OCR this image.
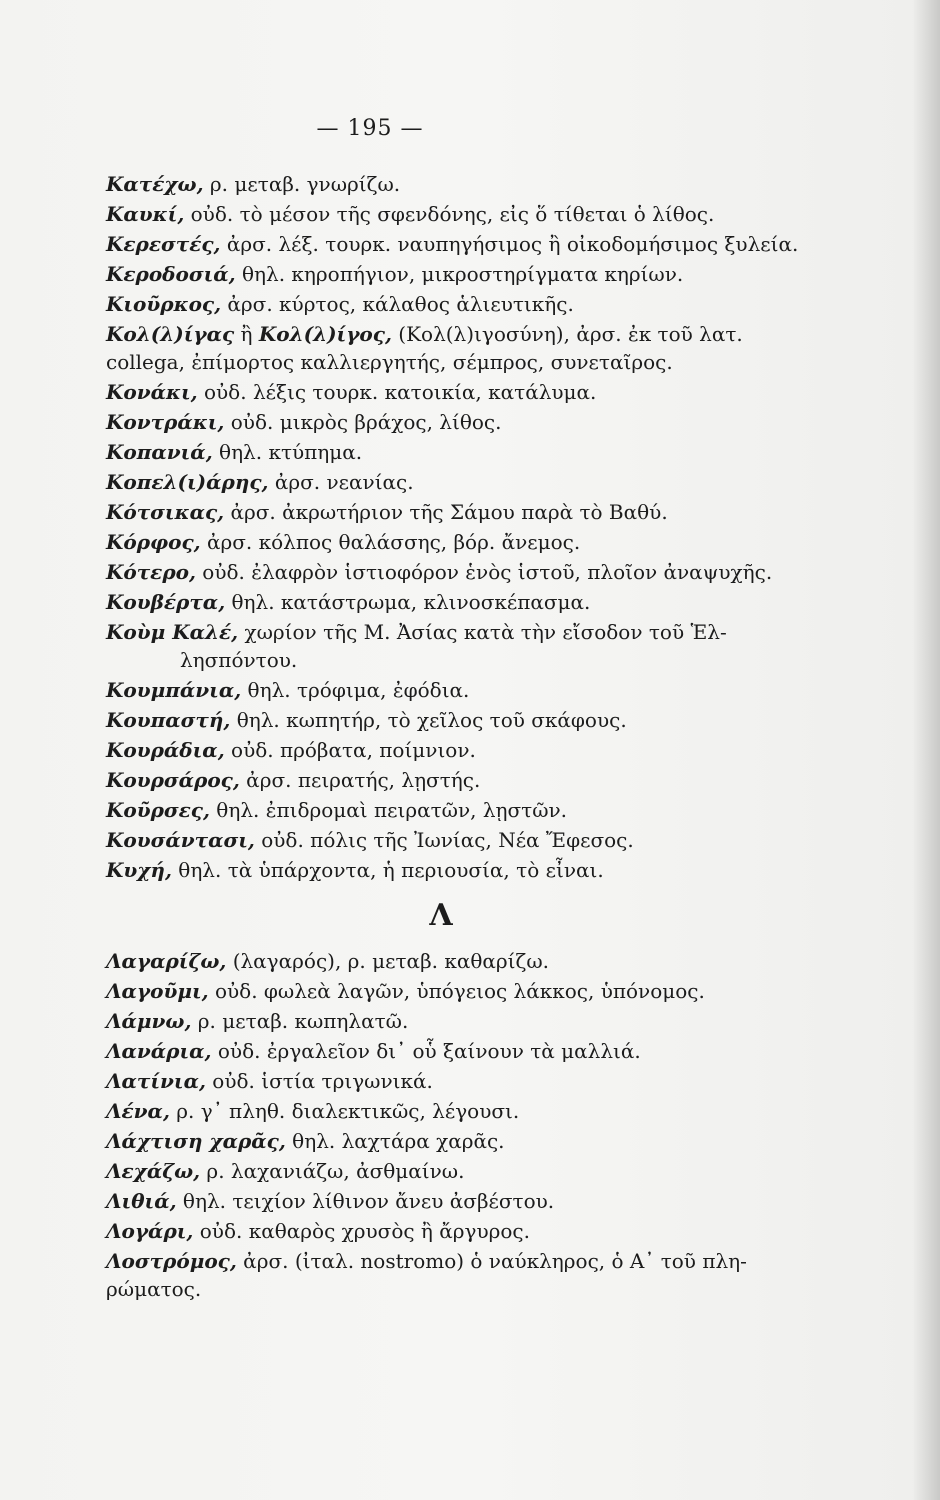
— 195 —
Κατέχω, ρ. μεταβ. γνωρίζω.
Καυκί, οὐδ. τὸ μέσον τῆς σφενδόνης, εἰς ὅ τίθεται ὁ λίθος.
Κερεστές, ἀρσ. λέξ. τουρκ. ναυπηγήσιμος ἢ οἰκοδομήσιμος ξυλεία.
Κεροδοσιά, θηλ. κηροπήγιον, μικροστηρίγματα κηρίων.
Κιοῦρκος, ἀρσ. κύρτος, κάλαθος ἁλιευτικῆς.
Κολ(λ)ίγας ἢ Κολ(λ)ίγος, (Κολ(λ)ιγοσύνη), ἀρσ. ἐκ τοῦ λατ.
collega, ἐπίμορτος καλλιεργητής, σέμπρος, συνεταῖρος.
Κονάκι, οὐδ. λέξις τουρκ. κατοικία, κατάλυμα.
Κοντράκι, οὐδ. μικρὸς βράχος, λίθος.
Κοπανιά, θηλ. κτύπημα.
Κοπελ(ι)άρης, ἀρσ. νεανίας.
Κότσικας, ἀρσ. ἀκρωτήριον τῆς Σάμου παρὰ τὸ Βαθύ.
Κόρφος, ἀρσ. κόλπος θαλάσσης, βόρ. ἄνεμος.
Κότερο, οὐδ. ἐλαφρὸν ἱστιοφόρον ἑνὸς ἱστοῦ, πλοῖον ἀναψυχῆς.
Κουβέρτα, θηλ. κατάστρωμα, κλινοσκέπασμα.
Κοὺμ Καλέ, χωρίον τῆς Μ. Ἀσίας κατὰ τὴν εἴσοδον τοῦ Ἑλ-
λησπόντου.
Κουμπάνια, θηλ. τρόφιμα, ἐφόδια.
Κουπαστή, θηλ. κωπητήρ, τὸ χεῖλος τοῦ σκάφους.
Κουράδια, οὐδ. πρόβατα, ποίμνιον.
Κουρσάρος, ἀρσ. πειρατής, λῃστής.
Κοῦρσες, θηλ. ἐπιδρομαὶ πειρατῶν, λῃστῶν.
Κουσάντασι, οὐδ. πόλις τῆς Ἰωνίας, Νέα Ἔφεσος.
Κυχή, θηλ. τὰ ὑπάρχοντα, ἡ περιουσία, τὸ εἶναι.
Λ
Λαγαρίζω, (λαγαρός), ρ. μεταβ. καθαρίζω.
Λαγοῦμι, οὐδ. φωλεὰ λαγῶν, ὑπόγειος λάκκος, ὑπόνομος.
Λάμνω, ρ. μεταβ. κωπηλατῶ.
Λανάρια, οὐδ. ἐργαλεῖον δι᾽ οὗ ξαίνουν τὰ μαλλιά.
Λατίνια, οὐδ. ἱστία τριγωνικά.
Λένα, ρ. γ᾽ πληθ. διαλεκτικῶς, λέγουσι.
Λάχτιση χαρᾶς, θηλ. λαχτάρα χαρᾶς.
Λεχάζω, ρ. λαχανιάζω, ἀσθμαίνω.
Λιθιά, θηλ. τειχίον λίθινον ἄνευ ἀσβέστου.
Λογάρι, οὐδ. καθαρὸς χρυσὸς ἢ ἄργυρος.
Λοστρόμος, ἀρσ. (ἰταλ. nostromo) ὁ ναύκληρος, ὁ Α᾽ τοῦ πλη-
ρώματος.
